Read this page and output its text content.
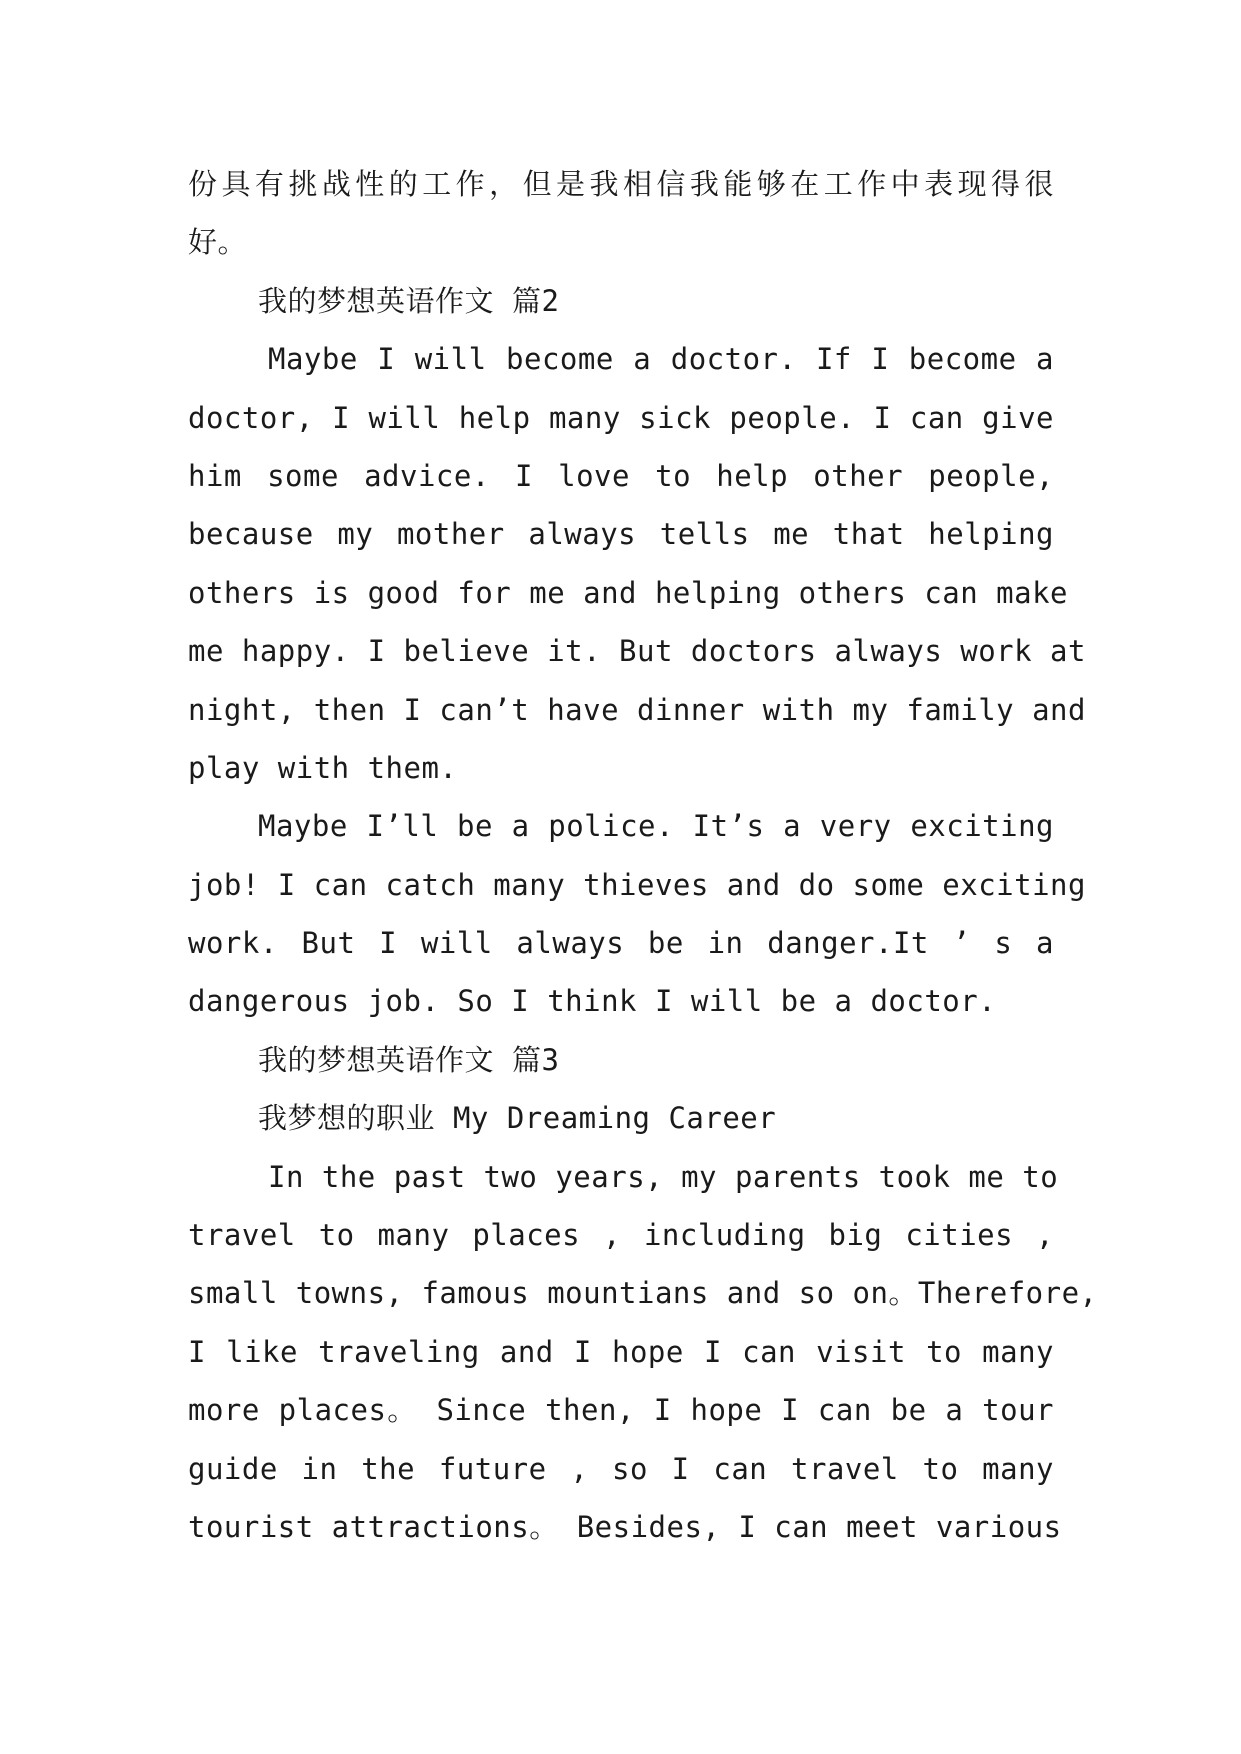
份具有挑战性的工作，但是我相信我能够在工作中表现得很
好。
我的梦想英语作文 篇2
Maybe I will become a doctor. If I become a
doctor, I will help many sick people. I can give
him some advice. I love to help other people,
because my mother always tells me that helping
others is good for me and helping others can make
me happy. I believe it. But doctors always work at
night, then I can’t have dinner with my family and
play with them.
Maybe I’ll be a police. It’s a very exciting
job! I can catch many thieves and do some exciting
work. But I will always be in danger.It ’ s a
dangerous job. So I think I will be a doctor.
我的梦想英语作文 篇3
我梦想的职业 My Dreaming Career
In the past two years, my parents took me to
travel to many places , including big cities ,
small towns, famous mountians and so on。Therefore,
I like traveling and I hope I can visit to many
more places。 Since then, I hope I can be a tour
guide in the future , so I can travel to many
tourist attractions。 Besides, I can meet various
